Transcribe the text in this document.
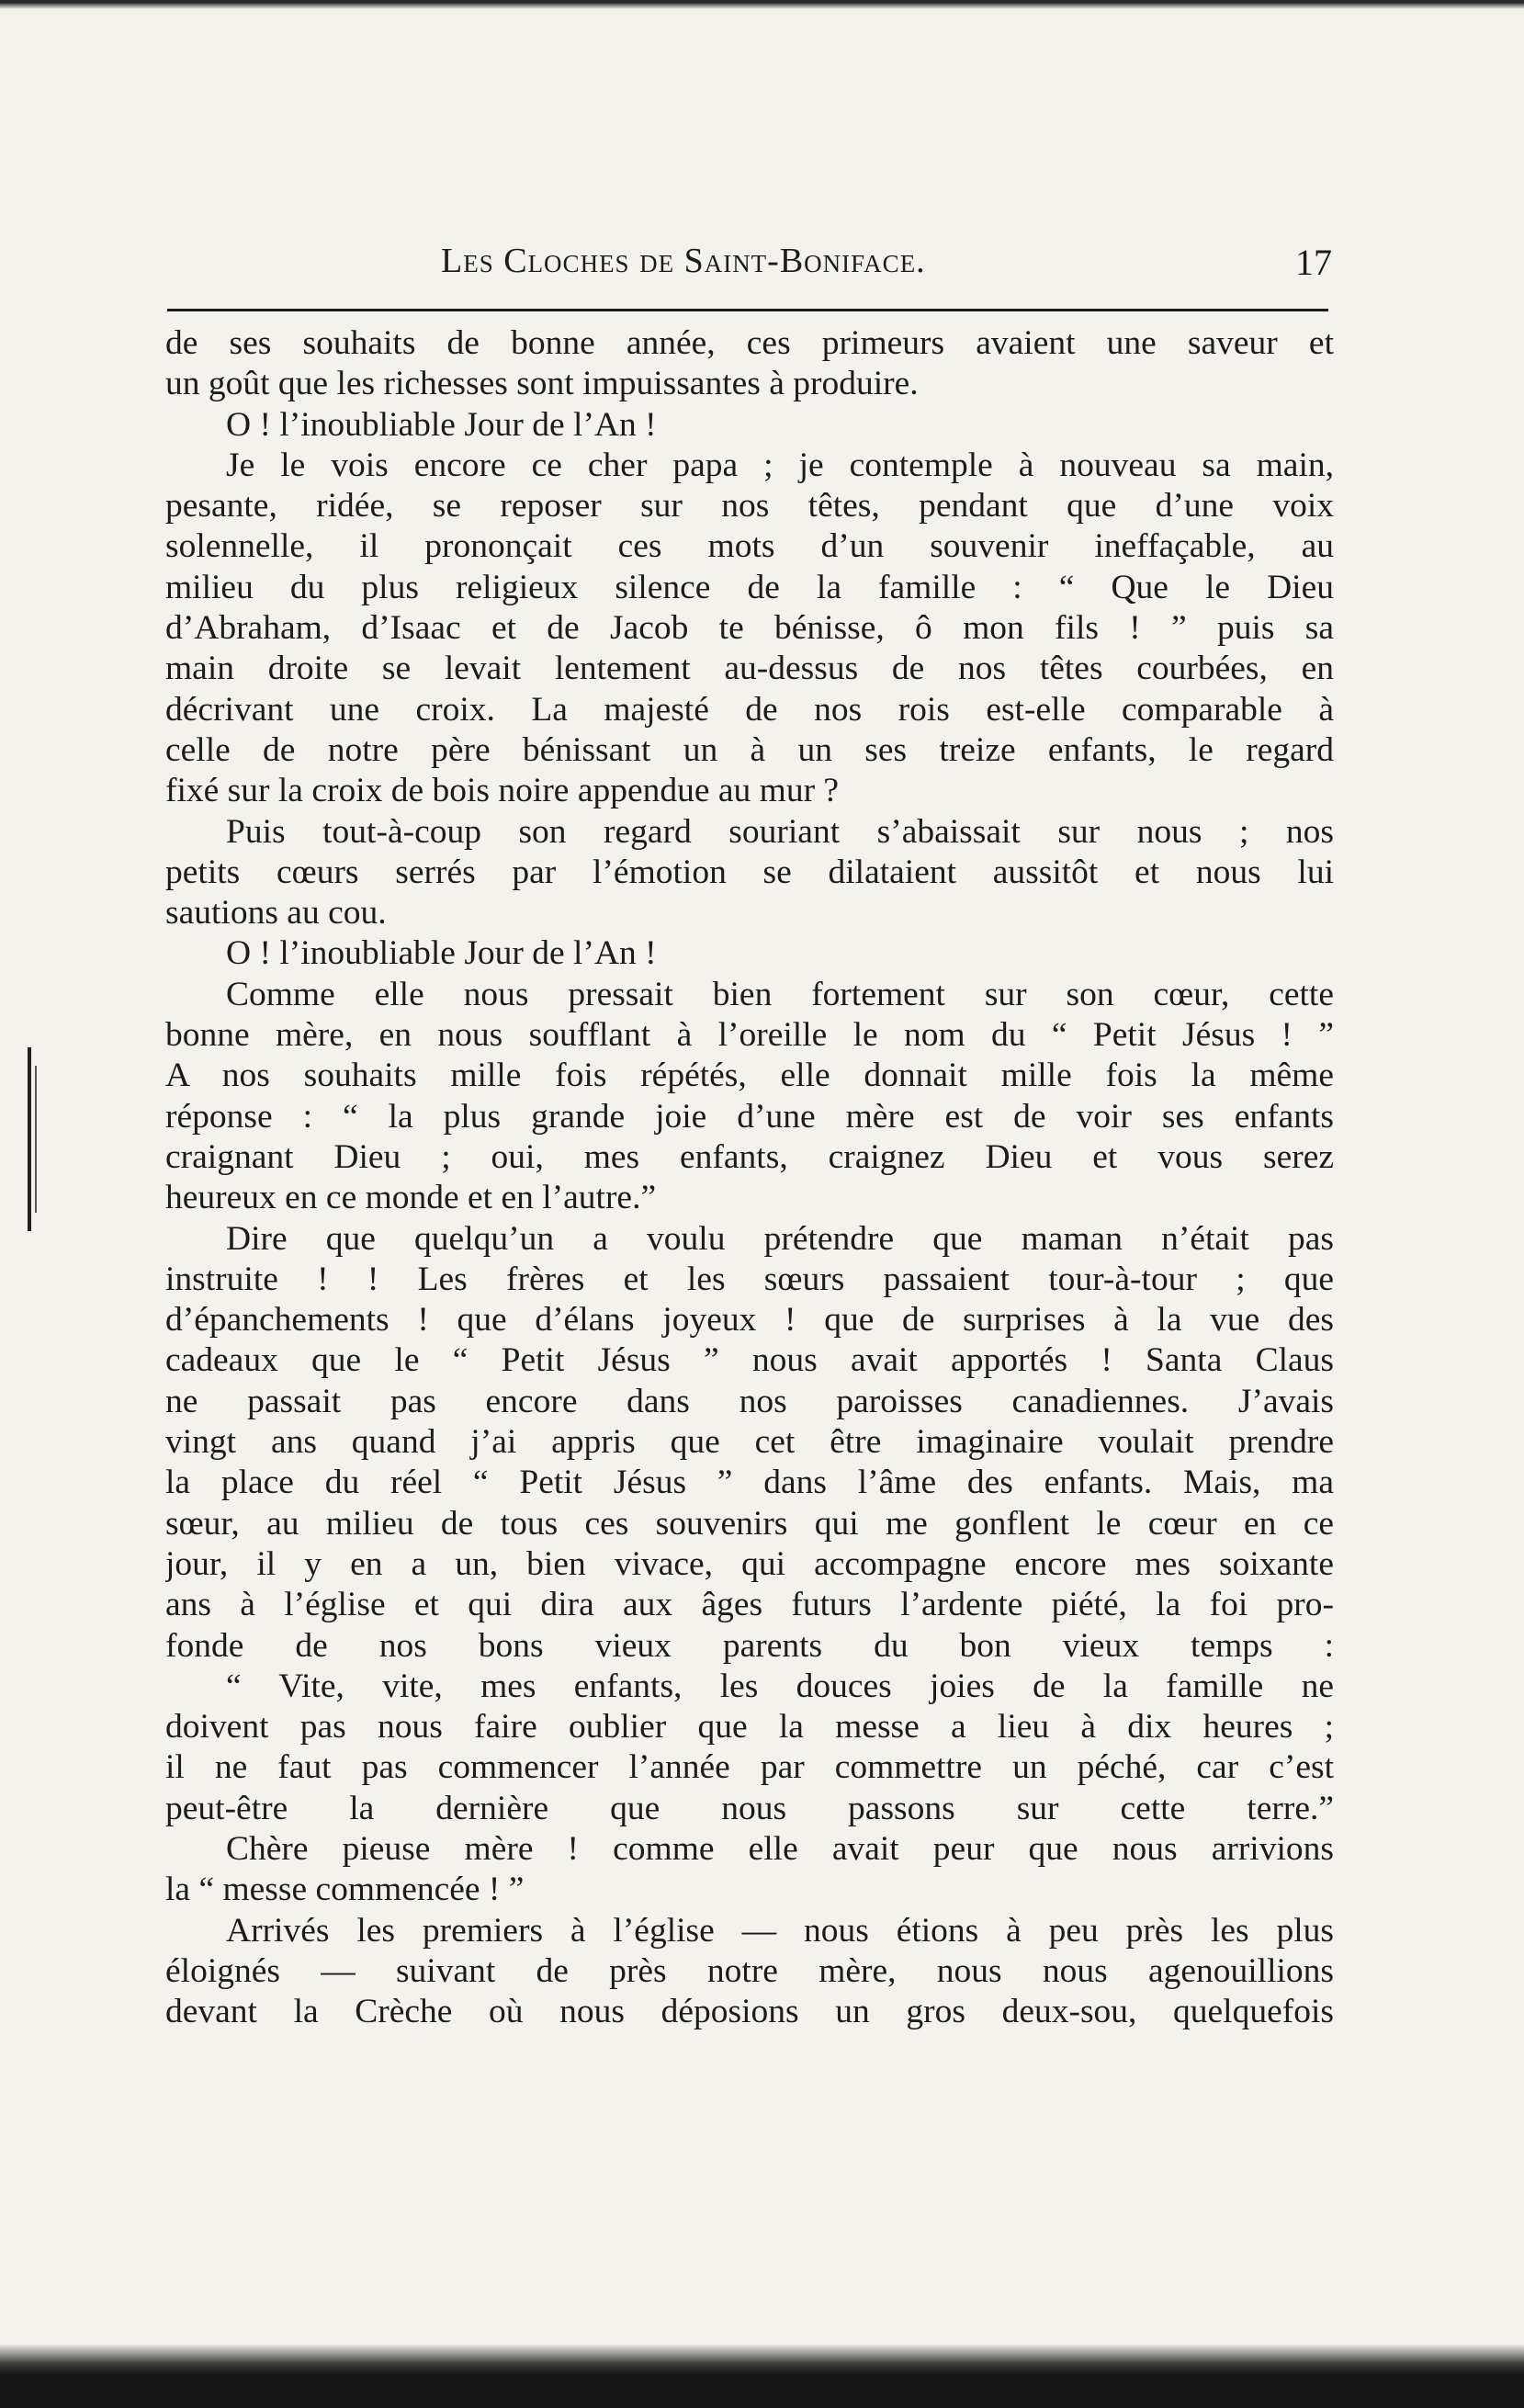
Les Cloches de Saint-Boniface.	17
de ses souhaits de bonne année, ces primeurs avaient une saveur et
un goût que les richesses sont impuissantes à produire.
O ! l’inoubliable Jour de l’An !
Je le vois encore ce cher papa ; je contemple à nouveau sa main,
pesante, ridée, se reposer sur nos têtes, pendant que d’une voix
solennelle, il prononçait ces mots d’un souvenir ineffaçable, au
milieu du plus religieux silence de la famille : “ Que le Dieu
d’Abraham, d’Isaac et de Jacob te bénisse, ô mon fils ! ” puis sa
main droite se levait lentement au-dessus de nos têtes courbées, en
décrivant une croix. La majesté de nos rois est-elle comparable à
celle de notre père bénissant un à un ses treize enfants, le regard
fixé sur la croix de bois noire appendue au mur ?
Puis tout-à-coup son regard souriant s’abaissait sur nous ; nos
petits cœurs serrés par l’émotion se dilataient aussitôt et nous lui
sautions au cou.
O ! l’inoubliable Jour de l’An !
Comme elle nous pressait bien fortement sur son cœur, cette
bonne mère, en nous soufflant à l’oreille le nom du “ Petit Jésus ! ”
A nos souhaits mille fois répétés, elle donnait mille fois la même
réponse : “ la plus grande joie d’une mère est de voir ses enfants
craignant Dieu ; oui, mes enfants, craignez Dieu et vous serez
heureux en ce monde et en l’autre.”
Dire que quelqu’un a voulu prétendre que maman n’était pas
instruite ! ! Les frères et les sœurs passaient tour-à-tour ; que
d’épanchements ! que d’élans joyeux ! que de surprises à la vue des
cadeaux que le “ Petit Jésus ” nous avait apportés ! Santa Claus
ne passait pas encore dans nos paroisses canadiennes. J’avais
vingt ans quand j’ai appris que cet être imaginaire voulait prendre
la place du réel “ Petit Jésus ” dans l’âme des enfants. Mais, ma
sœur, au milieu de tous ces souvenirs qui me gonflent le cœur en ce
jour, il y en a un, bien vivace, qui accompagne encore mes soixante
ans à l’église et qui dira aux âges futurs l’ardente piété, la foi pro-
fonde de nos bons vieux parents du bon vieux temps :
“ Vite, vite, mes enfants, les douces joies de la famille ne
doivent pas nous faire oublier que la messe a lieu à dix heures ;
il ne faut pas commencer l’année par commettre un péché, car c’est
peut-être la dernière que nous passons sur cette terre.”
Chère pieuse mère ! comme elle avait peur que nous arrivions
la “ messe commencée ! ”
Arrivés les premiers à l’église — nous étions à peu près les plus
éloignés — suivant de près notre mère, nous nous agenouillions
devant la Crèche où nous déposions un gros deux-sou, quelquefois
